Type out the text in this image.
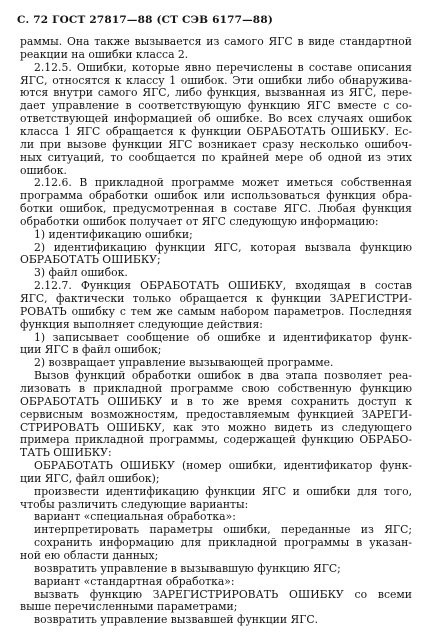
С. 72 ГОСТ 27817—88 (СТ СЭВ 6177—88)
раммы. Она также вызывается из самого ЯГС в виде стандартной
реакции на ошибки класса 2.
2.12.5. Ошибки, которые явно перечислены в составе описания
ЯГС, относятся к классу 1 ошибок. Эти ошибки либо обнаруживa-
ются внутри самого ЯГС, либо функция, вызванная из ЯГС, пере-
дает управление в соответствующую функцию ЯГС вместе с со-
ответствующей информацией об ошибке. Во всех случаях ошибок
класса 1 ЯГС обращается к функции ОБРАБОТАТЬ ОШИБКУ. Ес-
ли при вызове функции ЯГС возникает сразу несколько ошибоч-
ных ситуаций, то сообщается по крайней мере об одной из этих
ошибок.
2.12.6. В прикладной программе может иметься собственная
программа обработки ошибок или использоваться функция обра-
ботки ошибок, предусмотренная в составе ЯГС. Любая функция
обработки ошибок получает от ЯГС следующую информацию:
1) идентификацию ошибки;
2) идентификацию функции ЯГС, которая вызвала функцию
ОБРАБОТАТЬ ОШИБКУ;
3) файл ошибок.
2.12.7. Функция ОБРАБОТАТЬ ОШИБКУ, входящая в состав
ЯГС, фактически только обращается к функции ЗАРЕГИСТРИ-
РОВАТЬ ошибку с тем же самым набором параметров. Последняя
функция выполняет следующие действия:
1) записывает сообщение об ошибке и идентификатор функ-
ции ЯГС в файл ошибок;
2) возвращает управление вызывающей программе.
Вызов функций обработки ошибок в два этапа позволяет реа-
лизовать в прикладной программе свою собственную функцию
ОБРАБОТАТЬ ОШИБКУ и в то же время сохранить доступ к
сервисным возможностям, предоставляемым функцией ЗАРЕГИ-
СТРИРОВАТЬ ОШИБКУ, как это можно видеть из следующего
примера прикладной программы, содержащей функцию ОБРАБО-
ТАТЬ ОШИБКУ:
ОБРАБОТАТЬ ОШИБКУ (номер ошибки, идентификатор функ-
ции ЯГС, файл ошибок);
произвести идентификацию функции ЯГС и ошибки для того,
чтобы различить следующие варианты:
вариант «специальная обработка»:
интерпретировать параметры ошибки, переданные из ЯГС;
сохранить информацию для прикладной программы в указан-
ной ею области данных;
возвратить управление в вызывавшую функцию ЯГС;
вариант «стандартная обработка»:
вызвать функцию ЗАРЕГИСТРИРОВАТЬ ОШИБКУ со всеми
выше перечисленными параметрами;
возвратить управление вызвавшей функции ЯГС.
